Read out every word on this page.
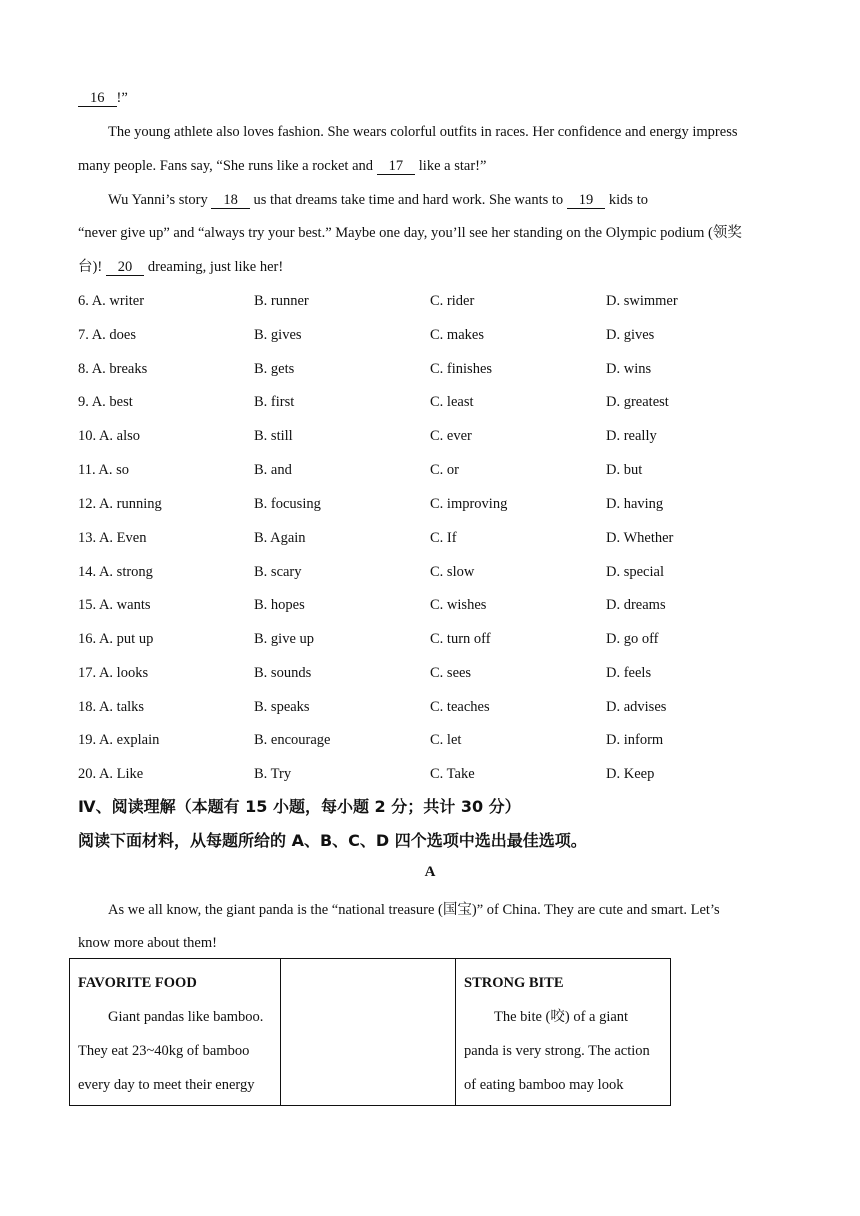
16 !”
The young athlete also loves fashion. She wears colorful outfits in races. Her confidence and energy impress
many people. Fans say, “She runs like a rocket and 17 like a star!”
Wu Yanni’s story 18 us that dreams take time and hard work. She wants to 19 kids to
“never give up” and “always try your best.” Maybe one day, you’ll see her standing on the Olympic podium (领奖
台)! 20 dreaming, just like her!
6. A. writer	B. runner	C. rider	D. swimmer
7. A. does	B. gives	C. makes	D. gives
8. A. breaks	B. gets	C. finishes	D. wins
9. A. best	B. first	C. least	D. greatest
10. A. also	B. still	C. ever	D. really
11. A. so	B. and	C. or	D. but
12. A. running	B. focusing	C. improving	D. having
13. A. Even	B. Again	C. If	D. Whether
14. A. strong	B. scary	C. slow	D. special
15. A. wants	B. hopes	C. wishes	D. dreams
16. A. put up	B. give up	C. turn off	D. go off
17. A. looks	B. sounds	C. sees	D. feels
18. A. talks	B. speaks	C. teaches	D. advises
19. A. explain	B. encourage	C. let	D. inform
20. A. Like	B. Try	C. Take	D. Keep
Ⅳ、阅读理解（本题有 15 小题，每小题 2 分；共计 30 分）
阅读下面材料，从每题所给的 A、B、C、D 四个选项中选出最佳选项。
A
As we all know, the giant panda is the “national treasure (国宝)” of China. They are cute and smart. Let’s
know more about them!
FAVORITE FOOD
Giant pandas like bamboo.
They eat 23~40kg of bamboo
every day to meet their energy

STRONG BITE
The bite (咬) of a giant
panda is very strong. The action
of eating bamboo may look
